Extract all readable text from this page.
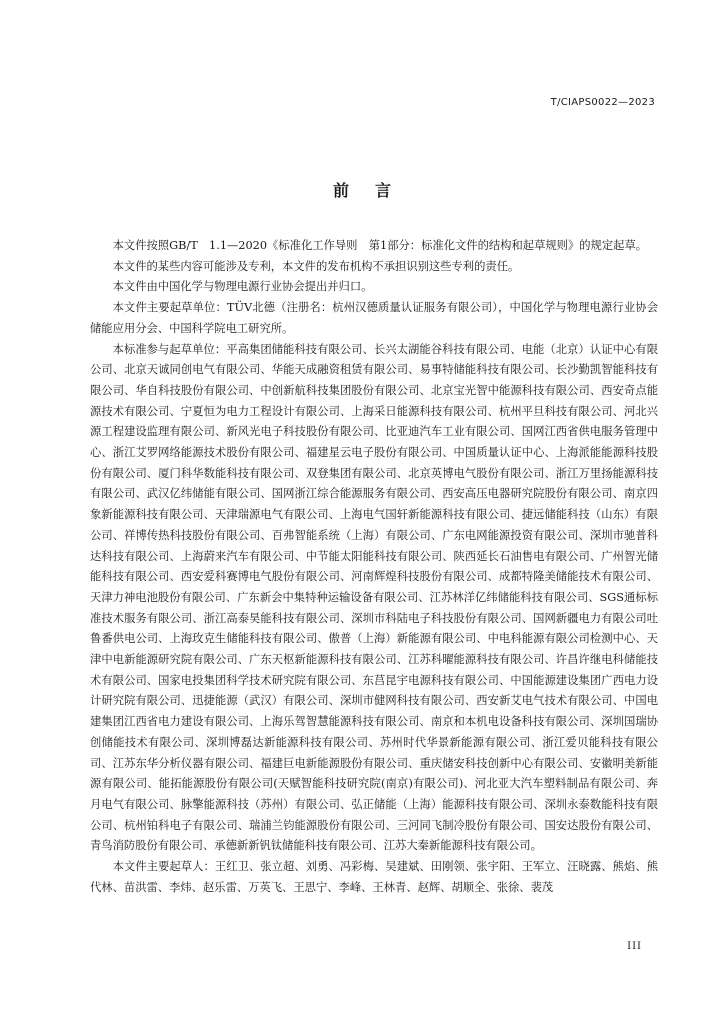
T/CIAPS0022—2023
前言

本文件按照GB/T　1.1—2020《标准化工作导则　第1部分：标准化文件的结构和起草规则》的规定起草。

本文件的某些内容可能涉及专利，本文件的发布机构不承担识别这些专利的责任。

本文件由中国化学与物理电源行业协会提出并归口。

本文件主要起草单位：TÜV北德（注册名：杭州汉德质量认证服务有限公司），中国化学与物理电源行业协会储能应用分会、中国科学院电工研究所。

本标准参与起草单位：平高集团储能科技有限公司、长兴太湖能谷科技有限公司、电能（北京）认证中心有限公司、北京天诚同创电气有限公司、华能天成融资租赁有限公司、易事特储能科技有限公司、长沙勤凯智能科技有限公司、华自科技股份有限公司、中创新航科技集团股份有限公司、北京宝光智中能源科技有限公司、西安奇点能源技术有限公司、宁夏恒为电力工程设计有限公司、上海采日能源科技有限公司、杭州平旦科技有限公司、河北兴源工程建设监理有限公司、新风光电子科技股份有限公司、比亚迪汽车工业有限公司、国网江西省供电服务管理中心、浙江艾罗网络能源技术股份有限公司、福建星云电子股份有限公司、中国质量认证中心、上海派能能源科技股份有限公司、厦门科华数能科技有限公司、双登集团有限公司、北京英博电气股份有限公司、浙江万里扬能源科技有限公司、武汉亿纬储能有限公司、国网浙江综合能源服务有限公司、西安高压电器研究院股份有限公司、南京四象新能源科技有限公司、天津瑞源电气有限公司、上海电气国轩新能源科技有限公司、捷远储能科技（山东）有限公司、祥博传热科技股份有限公司、百弗智能系统（上海）有限公司、广东电网能源投资有限公司、深圳市驰普科达科技有限公司、上海蔚来汽车有限公司、中节能太阳能科技有限公司、陕西延长石油售电有限公司、广州智光储能科技有限公司、西安爱科赛博电气股份有限公司、河南辉煌科技股份有限公司、成都特隆美储能技术有限公司、天津力神电池股份有限公司、广东新会中集特种运输设备有限公司、江苏林洋亿纬储能科技有限公司、SGS通标标准技术服务有限公司、浙江高泰昊能科技有限公司、深圳市科陆电子科技股份有限公司、国网新疆电力有限公司吐鲁番供电公司、上海玫克生储能科技有限公司、傲普（上海）新能源有限公司、中电科能源有限公司检测中心、天津中电新能源研究院有限公司、广东天枢新能源科技有限公司、江苏科曜能源科技有限公司、许昌许继电科储能技术有限公司、国家电投集团科学技术研究院有限公司、东莒昆宇电源科技有限公司、中国能源建设集团广西电力设计研究院有限公司、迅捷能源（武汉）有限公司、深圳市健网科技有限公司、西安新艾电气技术有限公司、中国电建集团江西省电力建设有限公司、上海乐驾智慧能源科技有限公司、南京和本机电设备科技有限公司、深圳国瑞协创储能技术有限公司、深圳博磊达新能源科技有限公司、苏州时代华景新能源有限公司、浙江爱贝能科技有限公司、江苏东华分析仪器有限公司、福建巨电新能源股份有限公司、重庆储安科技创新中心有限公司、安徽明美新能源有限公司、能拓能源股份有限公司(天赋智能科技研究院(南京)有限公司)、河北亚大汽车塑料制品有限公司、奔月电气有限公司、脉擎能源科技（苏州）有限公司、弘正储能（上海）能源科技有限公司、深圳永泰数能科技有限公司、杭州铂科电子有限公司、瑞浦兰钧能源股份有限公司、三河同飞制冷股份有限公司、国安达股份有限公司、青鸟消防股份有限公司、承德新新钒钛储能科技有限公司、江苏大秦新能源科技有限公司。

本文件主要起草人：王红卫、张立超、刘勇、冯彩梅、吴建斌、田刚领、张宇阳、王军立、汪晓露、熊焰、熊代林、苗洪雷、李炜、赵乐雷、万英飞、王思宁、李峰、王林青、赵辉、胡顺全、张徐、裴茂

III
